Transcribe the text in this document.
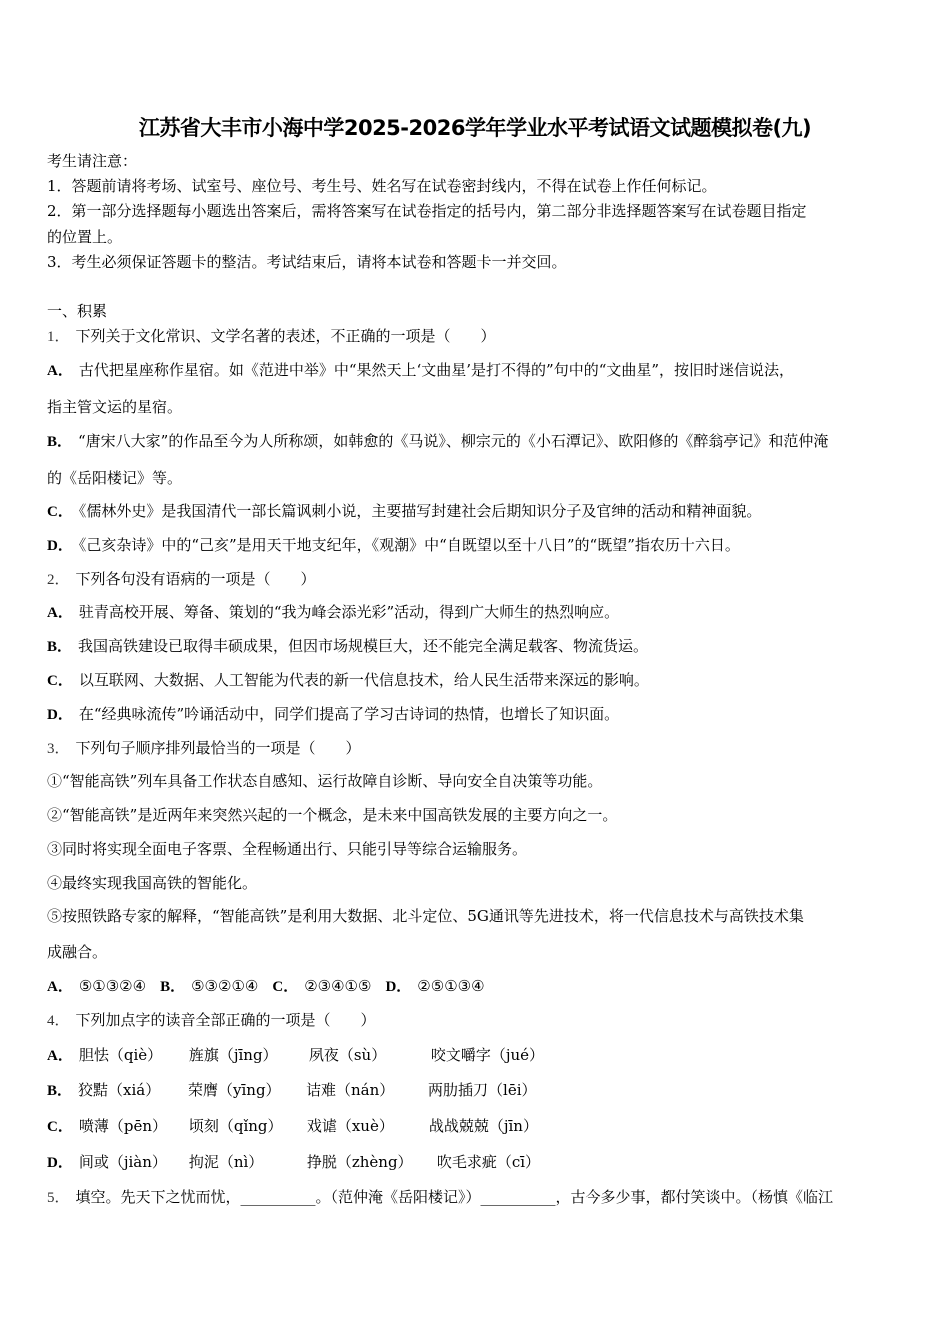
江苏省大丰市小海中学2025-2026学年学业水平考试语文试题模拟卷(九)
考生请注意：
1．答题前请将考场、试室号、座位号、考生号、姓名写在试卷密封线内，不得在试卷上作任何标记。
2．第一部分选择题每小题选出答案后，需将答案写在试卷指定的括号内，第二部分非选择题答案写在试卷题目指定
的位置上。
3．考生必须保证答题卡的整洁。考试结束后，请将本试卷和答题卡一并交回。
一、积累
1． 下列关于文化常识、文学名著的表述，不正确的一项是（　　）
A． 古代把星座称作星宿。如《范进中举》中“果然天上‘文曲星’是打不得的”句中的“文曲星”，按旧时迷信说法，
指主管文运的星宿。
B． “唐宋八大家”的作品至今为人所称颂，如韩愈的《马说》、柳宗元的《小石潭记》、欧阳修的《醉翁亭记》和范仲淹
的《岳阳楼记》等。
C． 《儒林外史》是我国清代一部长篇讽刺小说，主要描写封建社会后期知识分子及官绅的活动和精神面貌。
D． 《己亥杂诗》中的“己亥”是用天干地支纪年，《观潮》中“自既望以至十八日”的“既望”指农历十六日。
2． 下列各句没有语病的一项是（　　）
A． 驻青高校开展、筹备、策划的“我为峰会添光彩”活动，得到广大师生的热烈响应。
B． 我国高铁建设已取得丰硕成果，但因市场规模巨大，还不能完全满足载客、物流货运。
C． 以互联网、大数据、人工智能为代表的新一代信息技术，给人民生活带来深远的影响。
D． 在“经典咏流传”吟诵活动中，同学们提高了学习古诗词的热情，也增长了知识面。
3． 下列句子顺序排列最恰当的一项是（　　）
①“智能高铁”列车具备工作状态自感知、运行故障自诊断、导向安全自决策等功能。
②“智能高铁”是近两年来突然兴起的一个概念，是未来中国高铁发展的主要方向之一。
③同时将实现全面电子客票、全程畅通出行、只能引导等综合运输服务。
④最终实现我国高铁的智能化。
⑤按照铁路专家的解释，“智能高铁”是利用大数据、北斗定位、5G通讯等先进技术，将一代信息技术与高铁技术集
成融合。
A． ⑤①③②④ B． ⑤③②①④ C． ②③④①⑤ D． ②⑤①③④
4． 下列加点字的读音全部正确的一项是（　　）
A． 胆怯（qiè） 旌旗（jīng） 夙夜（sù）	咬文嚼字（jué）
B． 狡黠（xiá） 荣膺（yīng） 诘难（nán） 两肋插刀（lēi）
C． 喷薄（pēn） 顷刻（qǐng） 戏谑（xuè） 战战兢兢（jīn）
D． 间或（jiàn） 拘泥（nì）	挣脱（zhèng） 吹毛求疵（cī）
5． 填空。先天下之忧而忧，__________。（范仲淹《岳阳楼记》）__________，古今多少事，都付笑谈中。（杨慎《临江
